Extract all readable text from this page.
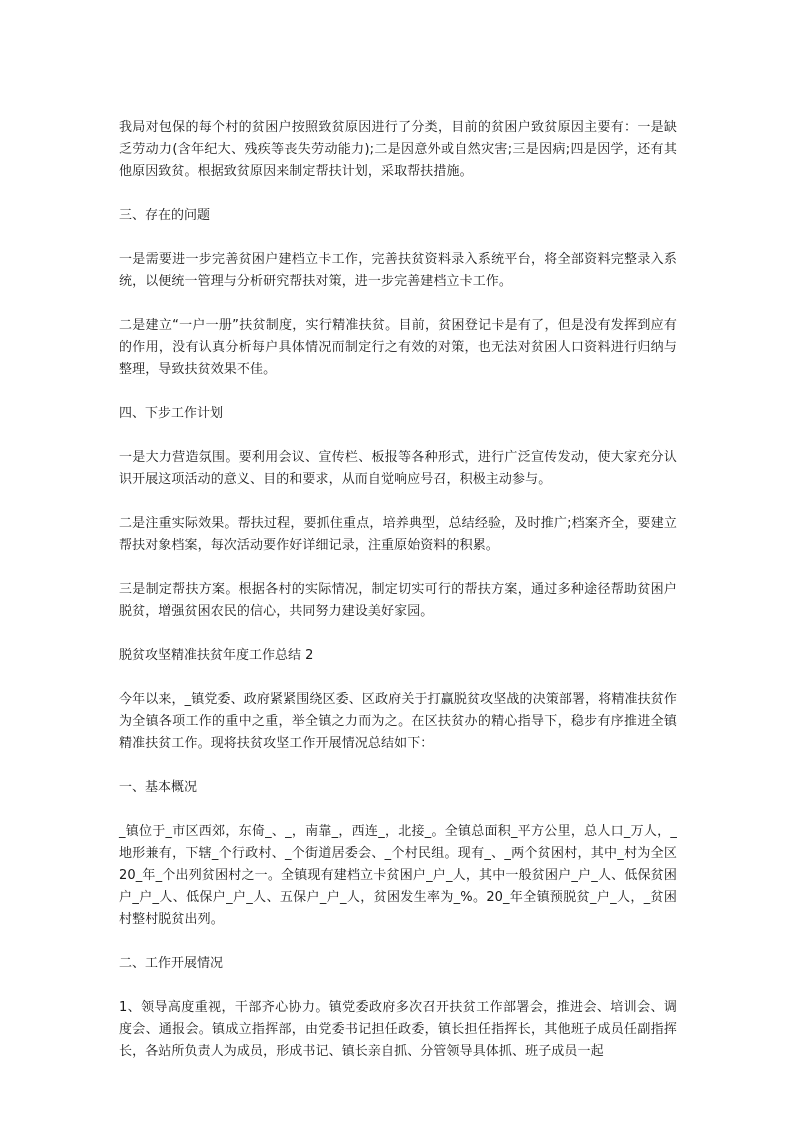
我局对包保的每个村的贫困户按照致贫原因进行了分类，目前的贫困户致贫原因主要有：一是缺乏劳动力(含年纪大、残疾等丧失劳动能力);二是因意外或自然灾害;三是因病;四是因学，还有其他原因致贫。根据致贫原因来制定帮扶计划，采取帮扶措施。

三、存在的问题

一是需要进一步完善贫困户建档立卡工作，完善扶贫资料录入系统平台，将全部资料完整录入系统，以便统一管理与分析研究帮扶对策，进一步完善建档立卡工作。

二是建立“一户一册”扶贫制度，实行精准扶贫。目前，贫困登记卡是有了，但是没有发挥到应有的作用，没有认真分析每户具体情况而制定行之有效的对策，也无法对贫困人口资料进行归纳与整理，导致扶贫效果不佳。

四、下步工作计划

一是大力营造氛围。要利用会议、宣传栏、板报等各种形式，进行广泛宣传发动，使大家充分认识开展这项活动的意义、目的和要求，从而自觉响应号召，积极主动参与。

二是注重实际效果。帮扶过程，要抓住重点，培养典型，总结经验，及时推广;档案齐全，要建立帮扶对象档案，每次活动要作好详细记录，注重原始资料的积累。

三是制定帮扶方案。根据各村的实际情况，制定切实可行的帮扶方案，通过多种途径帮助贫困户脱贫，增强贫困农民的信心，共同努力建设美好家园。

脱贫攻坚精准扶贫年度工作总结 2

今年以来，_镇党委、政府紧紧围绕区委、区政府关于打赢脱贫攻坚战的决策部署，将精准扶贫作为全镇各项工作的重中之重，举全镇之力而为之。在区扶贫办的精心指导下，稳步有序推进全镇精准扶贫工作。现将扶贫攻坚工作开展情况总结如下：

一、基本概况

_镇位于_市区西郊，东倚_、_，南靠_，西连_，北接_。全镇总面积_平方公里，总人口_万人，_地形兼有，下辖_个行政村、_个街道居委会、_个村民组。现有_、_两个贫困村，其中_村为全区 20_年_个出列贫困村之一。全镇现有建档立卡贫困户_户_人，其中一般贫困户_户_人、低保贫困户_户_人、低保户_户_人、五保户_户_人，贫困发生率为_%。20_年全镇预脱贫_户_人，_贫困村整村脱贫出列。

二、工作开展情况

1、领导高度重视，干部齐心协力。镇党委政府多次召开扶贫工作部署会，推进会、培训会、调度会、通报会。镇成立指挥部，由党委书记担任政委，镇长担任指挥长，其他班子成员任副指挥长，各站所负责人为成员，形成书记、镇长亲自抓、分管领导具体抓、班子成员一起
